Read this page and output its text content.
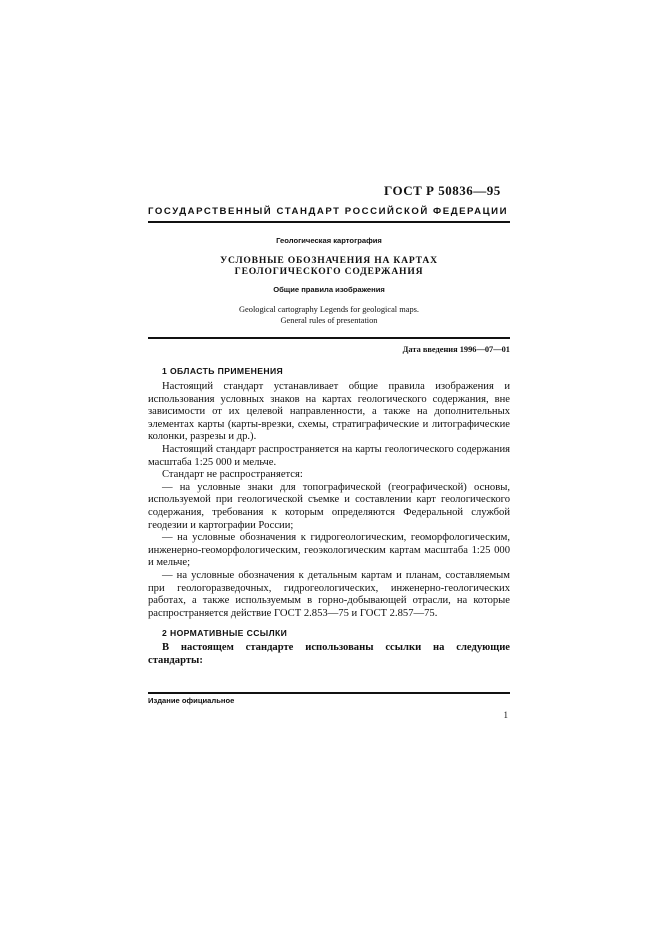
ГОСТ Р 50836—95
ГОСУДАРСТВЕННЫЙ СТАНДАРТ РОССИЙСКОЙ ФЕДЕРАЦИИ
Геологическая картография
УСЛОВНЫЕ ОБОЗНАЧЕНИЯ НА КАРТАХ
ГЕОЛОГИЧЕСКОГО СОДЕРЖАНИЯ
Общие правила изображения
Geological cartography Legends for geological maps.
General rules of presentation
Дата введения 1996—07—01
1 ОБЛАСТЬ ПРИМЕНЕНИЯ

Настоящий стандарт устанавливает общие правила изображения и использования условных знаков на картах геологического содержания, вне зависимости от их целевой направленности, а также на дополнительных элементах карты (карты-врезки, схемы, стратиграфические и литографические колонки, разрезы и др.).

Настоящий стандарт распространяется на карты геологического содержания масштаба 1:25 000 и мельче.

Стандарт не распространяется:

— на условные знаки для топографической (географической) основы, используемой при геологической съемке и составлении карт геологического содержания, требования к которым определяются Федеральной службой геодезии и картографии России;

— на условные обозначения к гидрогеологическим, геоморфологическим, инженерно-геоморфологическим, геоэкологическим картам масштаба 1:25 000 и мельче;

— на условные обозначения к детальным картам и планам, составляемым при геологоразведочных, гидрогеологических, инженерно-геологических работах, а также используемым в горно-добывающей отрасли, на которые распространяется действие ГОСТ 2.853—75 и ГОСТ 2.857—75.

2 НОРМАТИВНЫЕ ССЫЛКИ

В настоящем стандарте использованы ссылки на следующие стандарты:

Издание официальное
1
